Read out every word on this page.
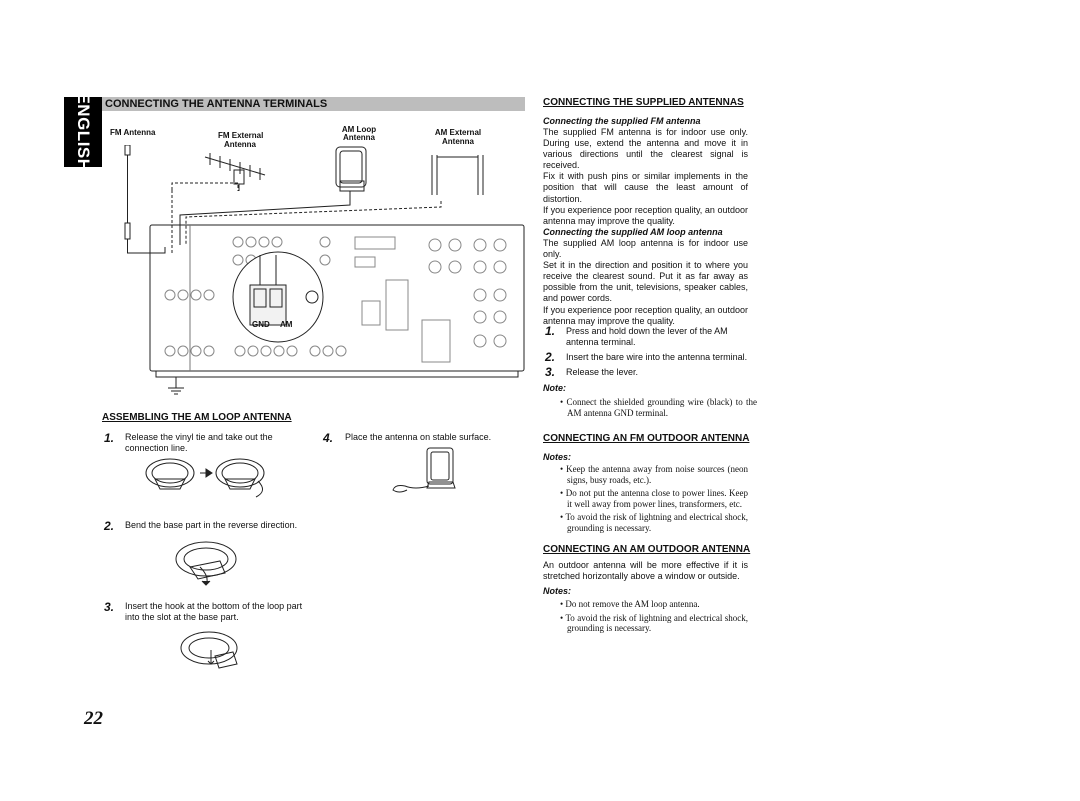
ENGLISH CONNECTING THE ANTENNA TERMINALS
FM Antenna	FM External
Antenna
AM Loop
Antenna
AM External
Antenna
GND AM
ASSEMBLING THE AM LOOP ANTENNA
1. Release the vinyl tie and take out the connection line.
2. Bend the base part in the reverse direction.
3. Insert the hook at the bottom of the loop part into the slot at the base part.
4. Place the antenna on stable surface.
CONNECTING THE SUPPLIED ANTENNAS
Connecting the supplied FM antenna
The supplied FM antenna is for indoor use only. During use, extend the antenna and move it in various directions until the clearest signal is received.
Fix it with push pins or similar implements in the position that will cause the least amount of distortion.
If you experience poor reception quality, an outdoor antenna may improve the quality.
Connecting the supplied AM loop antenna
The supplied AM loop antenna is for indoor use only.
Set it in the direction and position it to where you receive the clearest sound. Put it as far away as possible from the unit, televisions, speaker cables, and power cords.
If you experience poor reception quality, an outdoor antenna may improve the quality.
1. Press and hold down the lever of the AM antenna terminal.
2. Insert the bare wire into the antenna terminal.
3. Release the lever.
Note:
• Connect the shielded grounding wire (black) to the AM antenna GND terminal.
CONNECTING AN FM OUTDOOR ANTENNA
Notes:
• Keep the antenna away from noise sources (neon signs, busy roads, etc.).
• Do not put the antenna close to power lines. Keep it well away from power lines, transformers, etc.
• To avoid the risk of lightning and electrical shock, grounding is necessary.
CONNECTING AN AM OUTDOOR ANTENNA
An outdoor antenna will be more effective if it is stretched horizontally above a window or outside.
Notes:
• Do not remove the AM loop antenna.
• To avoid the risk of lightning and electrical shock, grounding is necessary.
22
